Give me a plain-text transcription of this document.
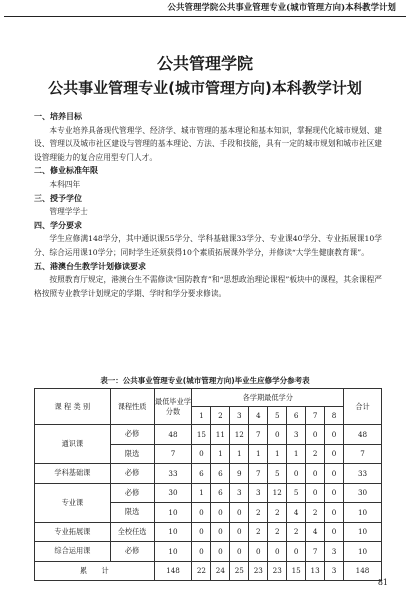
公共管理学院公共事业管理专业(城市管理方向)本科教学计划
公共管理学院
公共事业管理专业(城市管理方向)本科教学计划
一、培养目标
本专业培养具备现代管理学、经济学、城市管理的基本理论和基本知识，掌握现代化城市规划、建设、管理以及城市社区建设与管理的基本理论、方法、手段和技能，具有一定的城市规划和城市社区建设管理能力的复合应用型专门人才。
二、修业标准年限
本科四年
三、授予学位
管理学学士
四、学分要求
学生应修满148学分，其中通识课55学分、学科基础课33学分、专业课40学分、专业拓展课10学分、综合运用课10学分；同时学生还须获得10个素质拓展课外学分，并修读“大学生健康教育课”。
五、港澳台生教学计划修读要求
按照教育厅规定，港澳台生不需修读“国防教育”和“思想政治理论课程”板块中的课程，其余课程严格按照专业教学计划规定的学期、学时和学分要求修读。
表一：公共事业管理专业(城市管理方向)毕业生应修学分参考表
课 程 类 别	课程性质	最低毕业学分数	各学期最低学分								合计
			1	2	3	4	5	6	7	8	
通识课	必修	48	15	11	12	7	0	3	0	0	48
	限选	7	0	1	1	1	1	1	2	0	7
学科基础课	必修	33	6	6	9	7	5	0	0	0	33
专业课	必修	30	1	6	3	3	12	5	0	0	30
	限选	10	0	0	0	2	2	4	2	0	10
专业拓展课	全校任选	10	0	0	0	2	2	2	4	0	10
综合运用课	必修	10	0	0	0	0	0	0	7	3	10
累　　计		148	22	24	25	23	23	15	13	3	148
81
